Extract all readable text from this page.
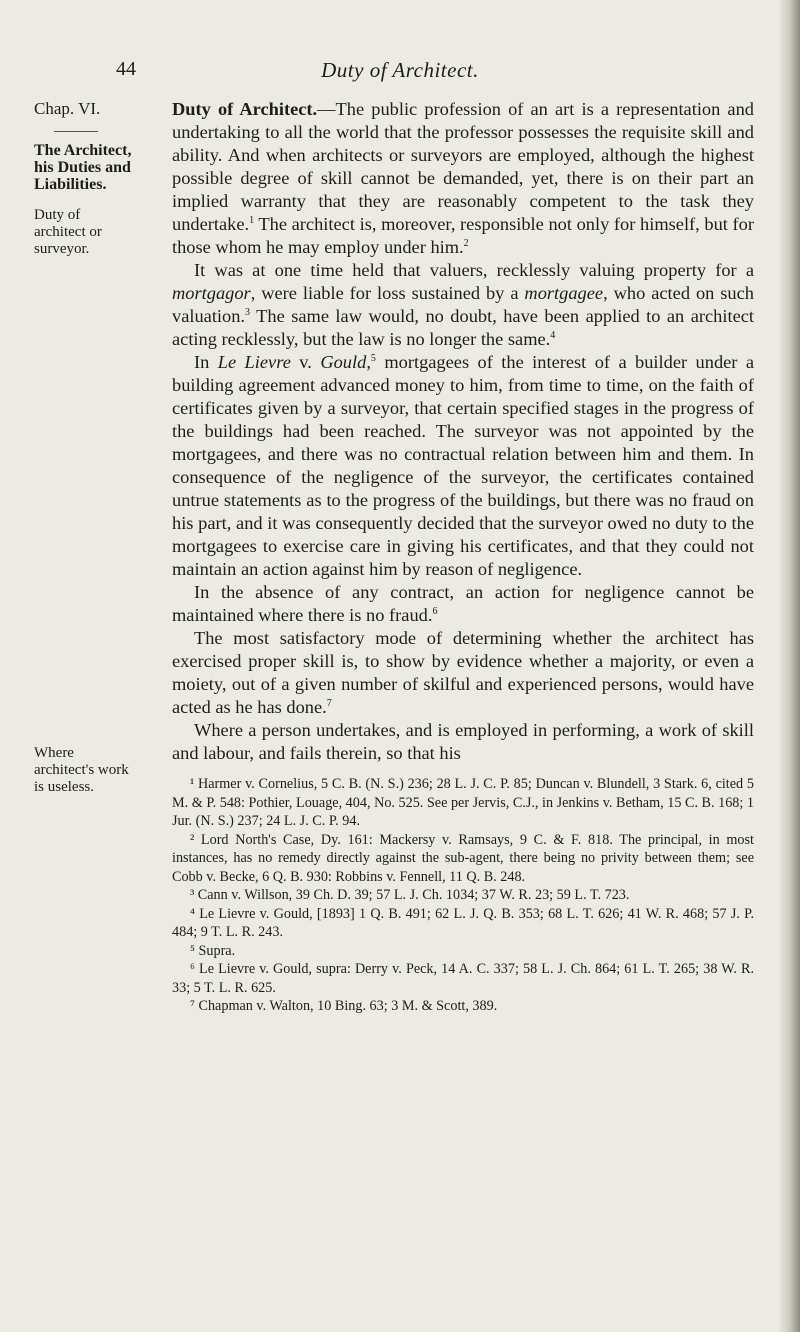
44	Duty of Architect.
Chap. VI.
The Architect, his Duties and Liabilities.
Duty of architect or surveyor.
Where architect's work is useless.

Duty of Architect.—The public profession of an art is a representation and undertaking to all the world that the professor possesses the requisite skill and ability. And when architects or surveyors are employed, although the highest possible degree of skill cannot be demanded, yet, there is on their part an implied warranty that they are reasonably competent to the task they undertake.$^1$ The architect is, moreover, responsible not only for himself, but for those whom he may employ under him.$^2$

It was at one time held that valuers, recklessly valuing property for a mortgagor, were liable for loss sustained by a mortgagee, who acted on such valuation.$^3$ The same law would, no doubt, have been applied to an architect acting recklessly, but the law is no longer the same.$^4$

In Le Lievre v. Gould,$^5$ mortgagees of the interest of a builder under a building agreement advanced money to him, from time to time, on the faith of certificates given by a surveyor, that certain specified stages in the progress of the buildings had been reached. The surveyor was not appointed by the mortgagees, and there was no contractual relation between him and them. In consequence of the negligence of the surveyor, the certificates contained untrue statements as to the progress of the buildings, but there was no fraud on his part, and it was consequently decided that the surveyor owed no duty to the mortgagees to exercise care in giving his certificates, and that they could not maintain an action against him by reason of negligence.

In the absence of any contract, an action for negligence cannot be maintained where there is no fraud.$^6$

The most satisfactory mode of determining whether the architect has exercised proper skill is, to show by evidence whether a majority, or even a moiety, out of a given number of skilful and experienced persons, would have acted as he has done.$^7$

Where a person undertakes, and is employed in performing, a work of skill and labour, and fails therein, so that his

¹ Harmer v. Cornelius, 5 C. B. (N. S.) 236; 28 L. J. C. P. 85; Duncan v. Blundell, 3 Stark. 6, cited 5 M. & P. 548: Pothier, Louage, 404, No. 525. See per Jervis, C.J., in Jenkins v. Betham, 15 C. B. 168; 1 Jur. (N. S.) 237; 24 L. J. C. P. 94.

² Lord North's Case, Dy. 161: Mackersy v. Ramsays, 9 C. & F. 818. The principal, in most instances, has no remedy directly against the sub-agent, there being no privity between them; see Cobb v. Becke, 6 Q. B. 930: Robbins v. Fennell, 11 Q. B. 248.

³ Cann v. Willson, 39 Ch. D. 39; 57 L. J. Ch. 1034; 37 W. R. 23; 59 L. T. 723.

⁴ Le Lievre v. Gould, [1893] 1 Q. B. 491; 62 L. J. Q. B. 353; 68 L. T. 626; 41 W. R. 468; 57 J. P. 484; 9 T. L. R. 243.

⁵ Supra.

⁶ Le Lievre v. Gould, supra: Derry v. Peck, 14 A. C. 337; 58 L. J. Ch. 864; 61 L. T. 265; 38 W. R. 33; 5 T. L. R. 625.

⁷ Chapman v. Walton, 10 Bing. 63; 3 M. & Scott, 389.
